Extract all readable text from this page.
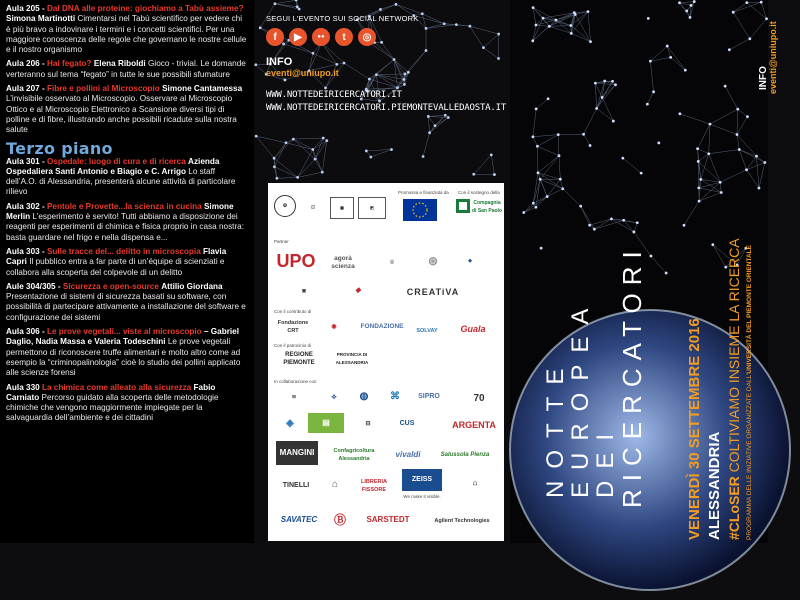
Aula 205 - Dal DNA alle proteine: giochiamo a Tabù assieme? Simona Martinotti Cimentarsi nel Tabù scientifico per vedere chi è più bravo a indovinare i termini e i concetti scientifici. Per una maggiore conoscenza delle regole che governano le nostre cellule e il nostro organismo
Aula 206 - Hai fegato? Elena Riboldi Gioco - trivial. Le domande verteranno sul tema “fegato” in tutte le sue possibili sfumature
Aula 207 - Fibre e pollini al Microscopio Simone Cantamessa L’invisibile osservato al Microscopio. Osservare al Microscopio Ottico e al Microscopio Elettronico a Scansione diversi tipi di polline e di fibre, illustrando anche possibili ricadute sulla nostra salute
Terzo piano
Aula 301 - Ospedale: luogo di cura e di ricerca Azienda Ospedaliera Santi Antonio e Biagio e C. Arrigo Lo staff dell’A.O. di Alessandria, presenterà alcune attività di particolare rilievo
Aula 302 - Pentole e Provette...la scienza in cucina Simone Merlin L’esperimento è servito! Tutti abbiamo a disposizione dei reagenti per esperimenti di chimica e fisica proprio in casa nostra: basta guardare nel frigo e nella dispensa e...
Aula 303 - Sulle tracce del... delitto in microscopia Flavia Capri Il pubblico entra a far parte di un’équipe di scienziati e collabora alla scoperta del colpevole di un delitto
Aule 304/305 - Sicurezza e open-source Attilio Giordana Presentazione di sistemi di sicurezza basati su software, con possibilità di partecipare attivamente a installazione del software e configurazione dei sistemi
Aula 306 - Le prove vegetali... viste al microscopio – Gabriel Daglio, Nadia Massa e Valeria Todeschini Le prove vegetali permettono di riconoscere truffe alimentari e molto altro come ad esempio la “criminopalinologia” cioè lo studio dei pollini applicato alle scienze forensi
Aula 330 La chimica come alleato alla sicurezza Fabio Carniato Percorso guidato alla scoperta delle metodologie chimiche che vengono maggiormente impiegate per la salvaguardia dell’ambiente e dei cittadini
SEGUI L’EVENTO SUI SOCIAL NETWORK
f	▶	●●	t	◎
INFO
eventi@uniupo.it
WWW.NOTTEDEIRICERCATORI.IT
WWW.NOTTEDEIRICERCATORI.PIEMONTEVALLEDAOSTA.IT
Promossa e finanziata da Con il sostegno della
⚙	◫	▦	◩
Compagnia di San Paolo
Partner
UPO	agorà scienza
◎	⊛	◈
▣	◆	CREATiVA
Con il contributo di
Fondazione CRT
◉	FONDAZIONE
SOLVAY	Guala
Con il patrocinio di
REGIONE PIEMONTE
PROVINCIA DI ALESSANDRIA
In collaborazione con
⊞	⟡	◍	⌘	SIPRO	70
◈	▤	⊟	CUS	ARGENTA
MANGINI	Confagricoltura Alessandria	vivaldi	Salussola Pienza
TINELLI	⌂	LIBRERIA FISSORE
ZEISS
We make it visible.
☖
SAVATEC	Ⓑ	SARSTEDT	Agilent Technologies
INFO eventi@uniupo.it
NOTTE
EUROPEA
DEI
RICERCATORI	VENERDÌ 30 SETTEMBRE 2016 ALESSANDRIA #CLoSER COLTIVIAMO INSIEME LA RICERCA PROGRAMMA DELLE INIZIATIVE ORGANIZZATE DALL’UNIVERSITÀ DEL PIEMONTE ORIENTALE
